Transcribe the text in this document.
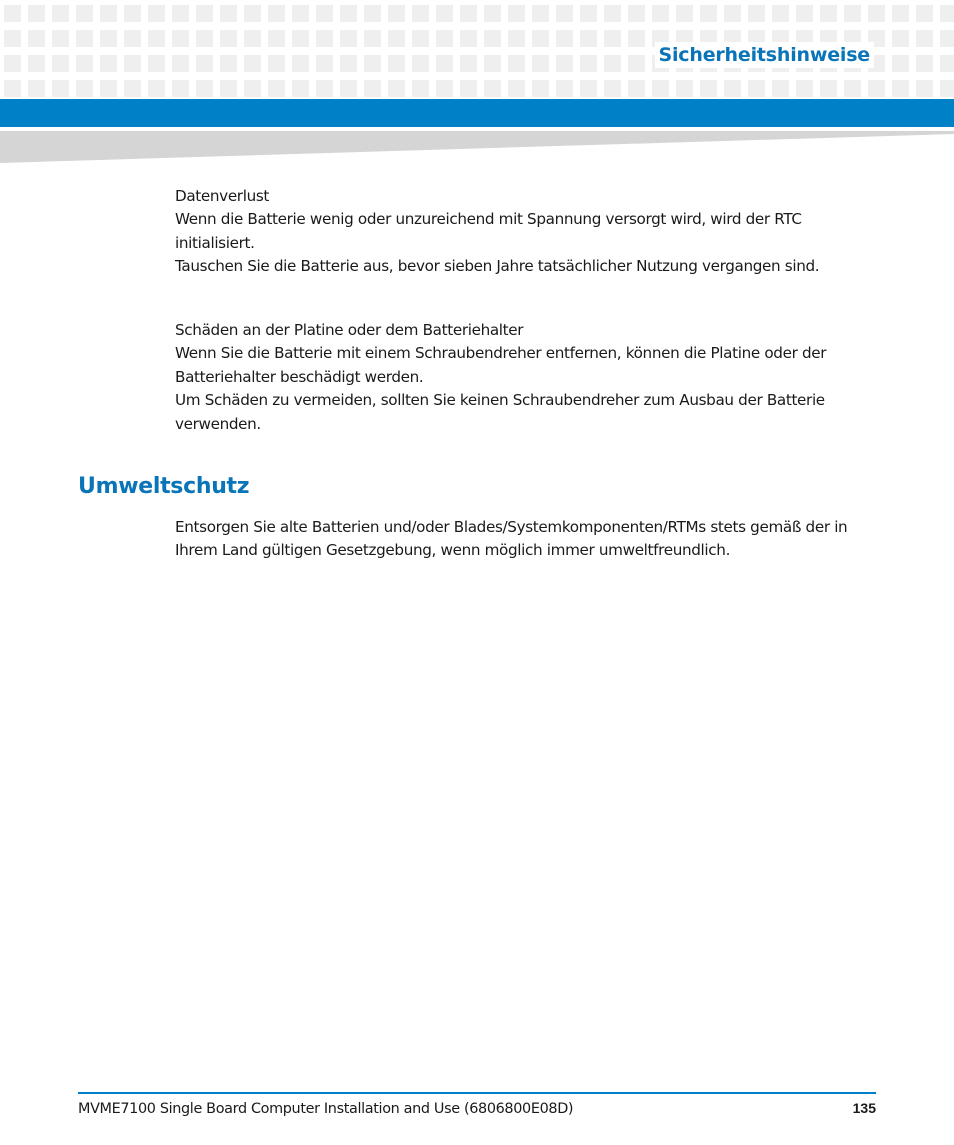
Sicherheitshinweise

Datenverlust

Wenn die Batterie wenig oder unzureichend mit Spannung versorgt wird, wird der RTC initialisiert.

Tauschen Sie die Batterie aus, bevor sieben Jahre tatsächlicher Nutzung vergangen sind.

Schäden an der Platine oder dem Batteriehalter

Wenn Sie die Batterie mit einem Schraubendreher entfernen, können die Platine oder der Batteriehalter beschädigt werden.

Um Schäden zu vermeiden, sollten Sie keinen Schraubendreher zum Ausbau der Batterie verwenden.

Umweltschutz

Entsorgen Sie alte Batterien und/oder Blades/Systemkomponenten/RTMs stets gemäß der in Ihrem Land gültigen Gesetzgebung, wenn möglich immer umweltfreundlich.

MVME7100 Single Board Computer Installation and Use (6806800E08D)	135
